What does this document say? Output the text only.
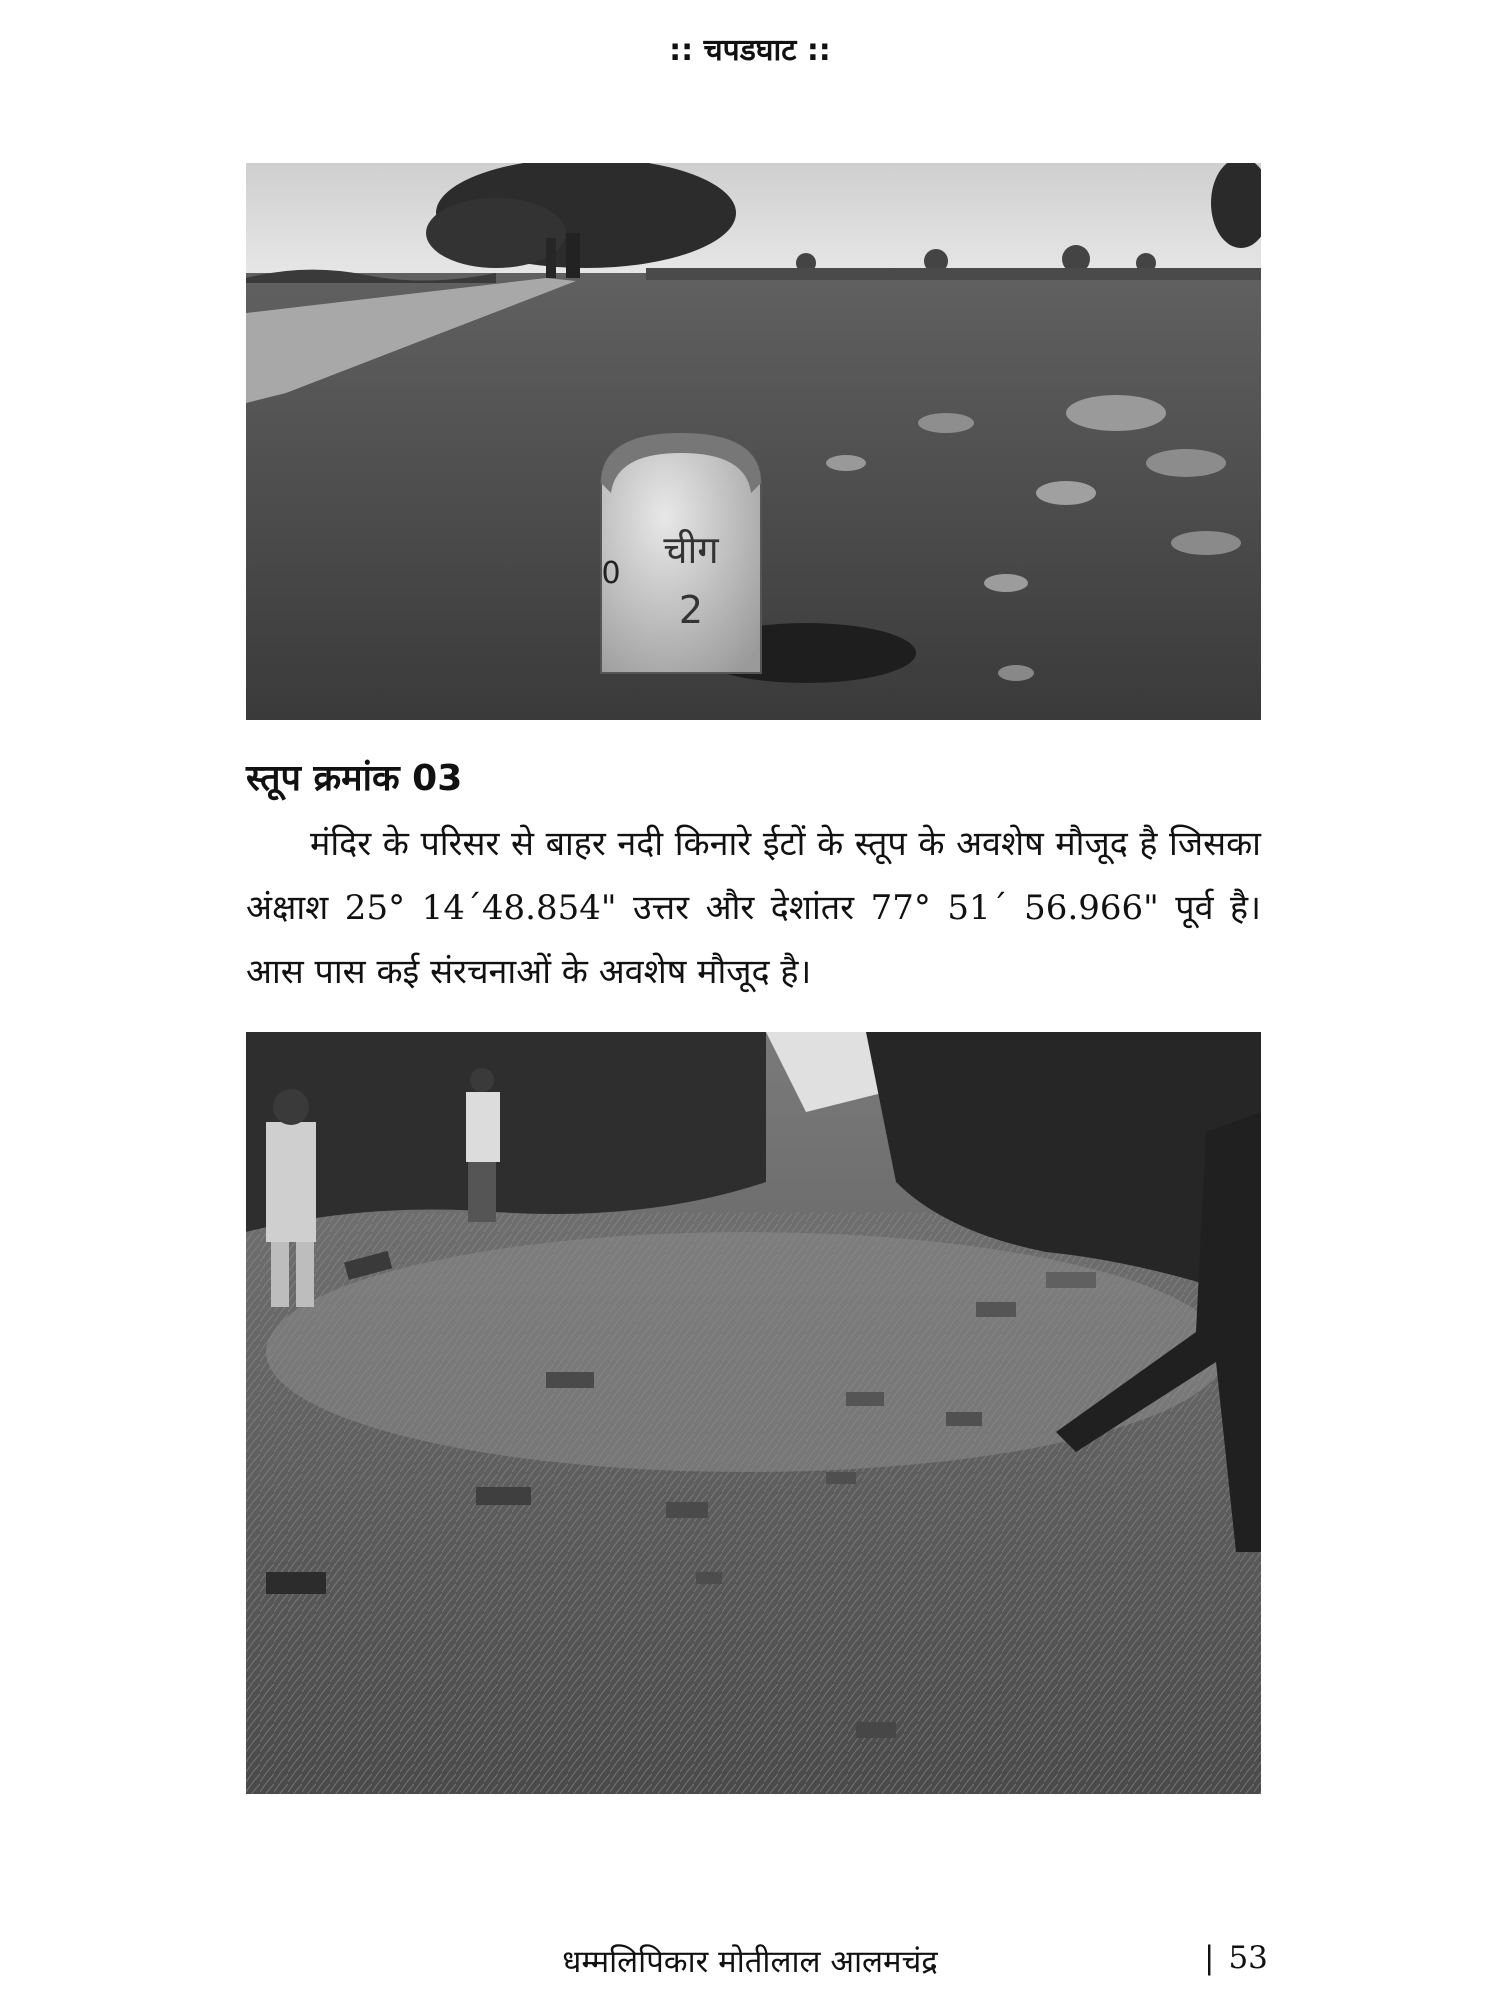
:: चपडघाट ::
चीग
2
0
स्तूप क्रमांक 03
मंदिर के परिसर से बाहर नदी किनारे ईटों के स्तूप के अवशेष मौजूद है जिसका अंक्षाश 25° 14´48.854" उत्तर और देशांतर 77° 51´ 56.966" पूर्व है। आस पास कई संरचनाओं के अवशेष मौजूद है।
धम्मलिपिकार मोतीलाल आलमचंद्र	| 53
